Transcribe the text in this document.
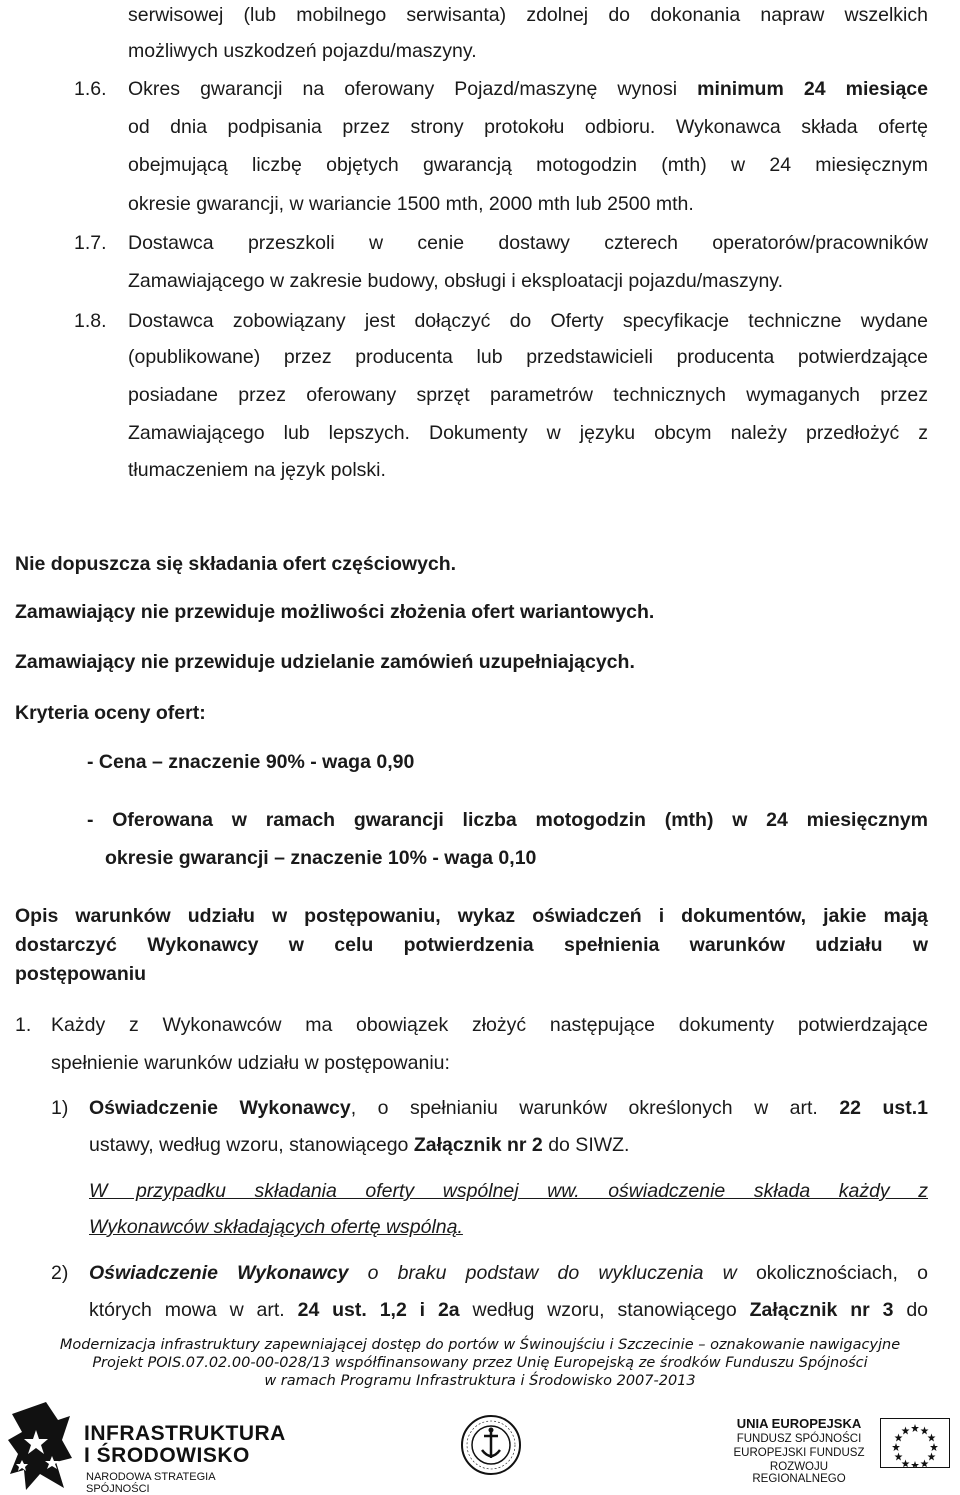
serwisowej (lub mobilnego serwisanta) zdolnej do dokonania napraw wszelkich
możliwych uszkodzeń pojazdu/maszyny.
1.6. Okres gwarancji na oferowany Pojazd/maszynę wynosi minimum 24 miesiące
od dnia podpisania przez strony protokołu odbioru. Wykonawca składa ofertę
obejmującą liczbę objętych gwarancją motogodzin (mth) w 24 miesięcznym
okresie gwarancji, w wariancie 1500 mth, 2000 mth lub 2500 mth.
1.7. Dostawca przeszkoli w cenie dostawy czterech operatorów/pracowników
Zamawiającego w zakresie budowy, obsługi i eksploatacji pojazdu/maszyny.
1.8. Dostawca zobowiązany jest dołączyć do Oferty specyfikacje techniczne wydane
(opublikowane) przez producenta lub przedstawicieli producenta potwierdzające
posiadane przez oferowany sprzęt parametrów technicznych wymaganych przez
Zamawiającego lub lepszych. Dokumenty w języku obcym należy przedłożyć z
tłumaczeniem na język polski.
Nie dopuszcza się składania ofert częściowych.
Zamawiający nie przewiduje możliwości złożenia ofert wariantowych.
Zamawiający nie przewiduje udzielanie zamówień uzupełniających.
Kryteria oceny ofert:
- Cena – znaczenie 90% - waga 0,90
- Oferowana w ramach gwarancji liczba motogodzin (mth) w 24 miesięcznym
okresie gwarancji – znaczenie 10% - waga 0,10
Opis warunków udziału w postępowaniu, wykaz oświadczeń i dokumentów, jakie mają
dostarczyć Wykonawcy w celu potwierdzenia spełnienia warunków udziału w
postępowaniu
1. Każdy z Wykonawców ma obowiązek złożyć następujące dokumenty potwierdzające
spełnienie warunków udziału w postępowaniu:
1) Oświadczenie Wykonawcy, o spełnianiu warunków określonych w art. 22 ust.1
ustawy, według wzoru, stanowiącego Załącznik nr 2 do SIWZ.
W przypadku składania oferty wspólnej ww. oświadczenie składa każdy z
Wykonawców składających ofertę wspólną.
2) Oświadczenie Wykonawcy o braku podstaw do wykluczenia w okolicznościach, o
których mowa w art. 24 ust. 1,2 i 2a według wzoru, stanowiącego Załącznik nr 3 do
Modernizacja infrastruktury zapewniającej dostęp do portów w Świnoujściu i Szczecinie – oznakowanie nawigacyjne
Projekt POIS.07.02.00-00-028/13 współfinansowany przez Unię Europejską ze środków Funduszu Spójności
w ramach Programu Infrastruktura i Środowisko 2007-2013
INFRASTRUKTURA
I ŚRODOWISKO
NARODOWA STRATEGIA SPÓJNOŚCI
UNIA EUROPEJSKA
FUNDUSZ SPÓJNOŚCI
EUROPEJSKI FUNDUSZ
ROZWOJU REGIONALNEGO
